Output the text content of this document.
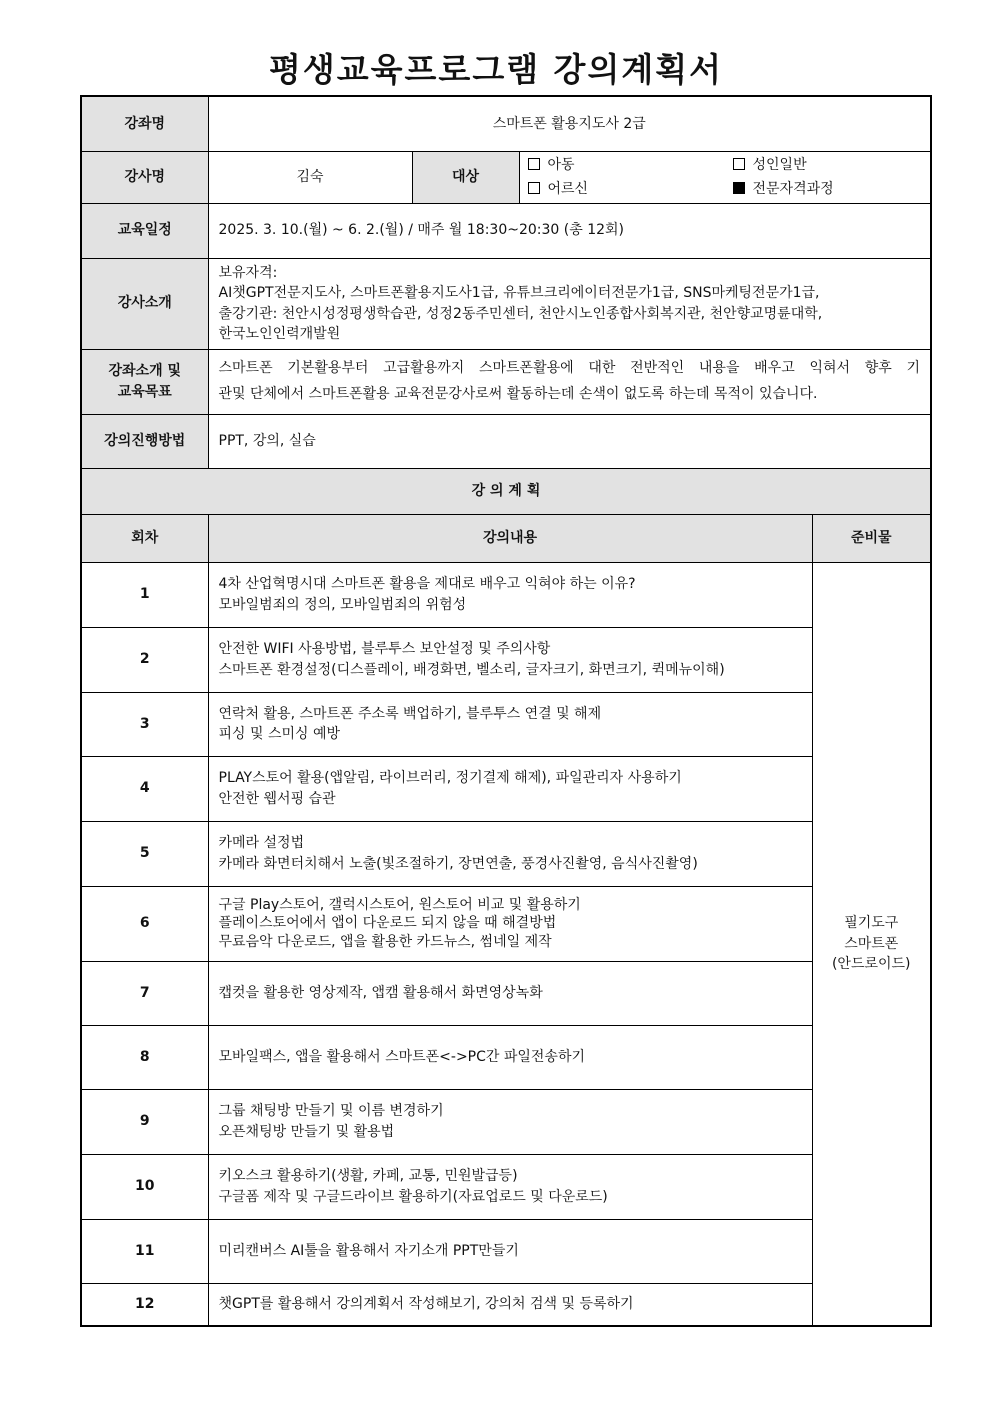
평생교육프로그램 강의계획서
강좌명	스마트폰 활용지도사 2급			
강사명	김숙	대상	아동 성인일반
어르신 전문자격과정	

교육일정	2025. 3. 10.(월) ~ 6. 2.(월) / 매주 월 18:30~20:30 (총 12회)			
강사소개	보유자격:
AI챗GPT전문지도사, 스마트폰활용지도사1급, 유튜브크리에이터전문가1급, SNS마케팅전문가1급,
출강기관: 천안시성정평생학습관, 성정2동주민센터, 천안시노인종합사회복지관, 천안향교명륜대학,
한국노인인력개발원			

강좌소개 및
교육목표	스마트폰 기본활용부터 고급활용까지 스마트폰활용에 대한 전반적인 내용을 배우고 익혀서 향후 기
관및 단체에서 스마트폰활용 교육전문강사로써 활동하는데 손색이 없도록 하는데 목적이 있습니다.			

강의진행방법	PPT, 강의, 실습			
강 의 계 획				
회차	강의내용			준비물
1	4차 산업혁명시대 스마트폰 활용을 제대로 배우고 익혀야 하는 이유?
모바일범죄의 정의, 모바일범죄의 위험성			필기도구
스마트폰
(안드로이드)

2	안전한 WIFI 사용방법, 블루투스 보안설정 및 주의사항
스마트폰 환경설정(디스플레이, 배경화면, 벨소리, 글자크기, 화면크기, 퀵메뉴이해)			

3	연락처 활용, 스마트폰 주소록 백업하기, 블루투스 연결 및 해제
피싱 및 스미싱 예방			

4	PLAY스토어 활용(앱알림, 라이브러리, 정기결제 해제), 파일관리자 사용하기
안전한 웹서핑 습관			

5	카메라 설정법
카메라 화면터치해서 노출(빛조절하기, 장면연출, 풍경사진촬영, 음식사진촬영)			

6	구글 Play스토어, 갤럭시스토어, 원스토어 비교 및 활용하기
플레이스토어에서 앱이 다운로드 되지 않을 때 해결방법
무료음악 다운로드, 앱을 활용한 카드뉴스, 썸네일 제작			

7	캡컷을 활용한 영상제작, 앱캠 활용해서 화면영상녹화			

8	모바일팩스, 앱을 활용해서 스마트폰<->PC간 파일전송하기			

9	그룹 채팅방 만들기 및 이름 변경하기
오픈채팅방 만들기 및 활용법			

10	키오스크 활용하기(생활, 카페, 교통, 민원발급등)
구글폼 제작 및 구글드라이브 활용하기(자료업로드 및 다운로드)			

11	미리캔버스 AI툴을 활용해서 자기소개 PPT만들기			

12	챗GPT를 활용해서 강의계획서 작성해보기, 강의처 검색 및 등록하기			
